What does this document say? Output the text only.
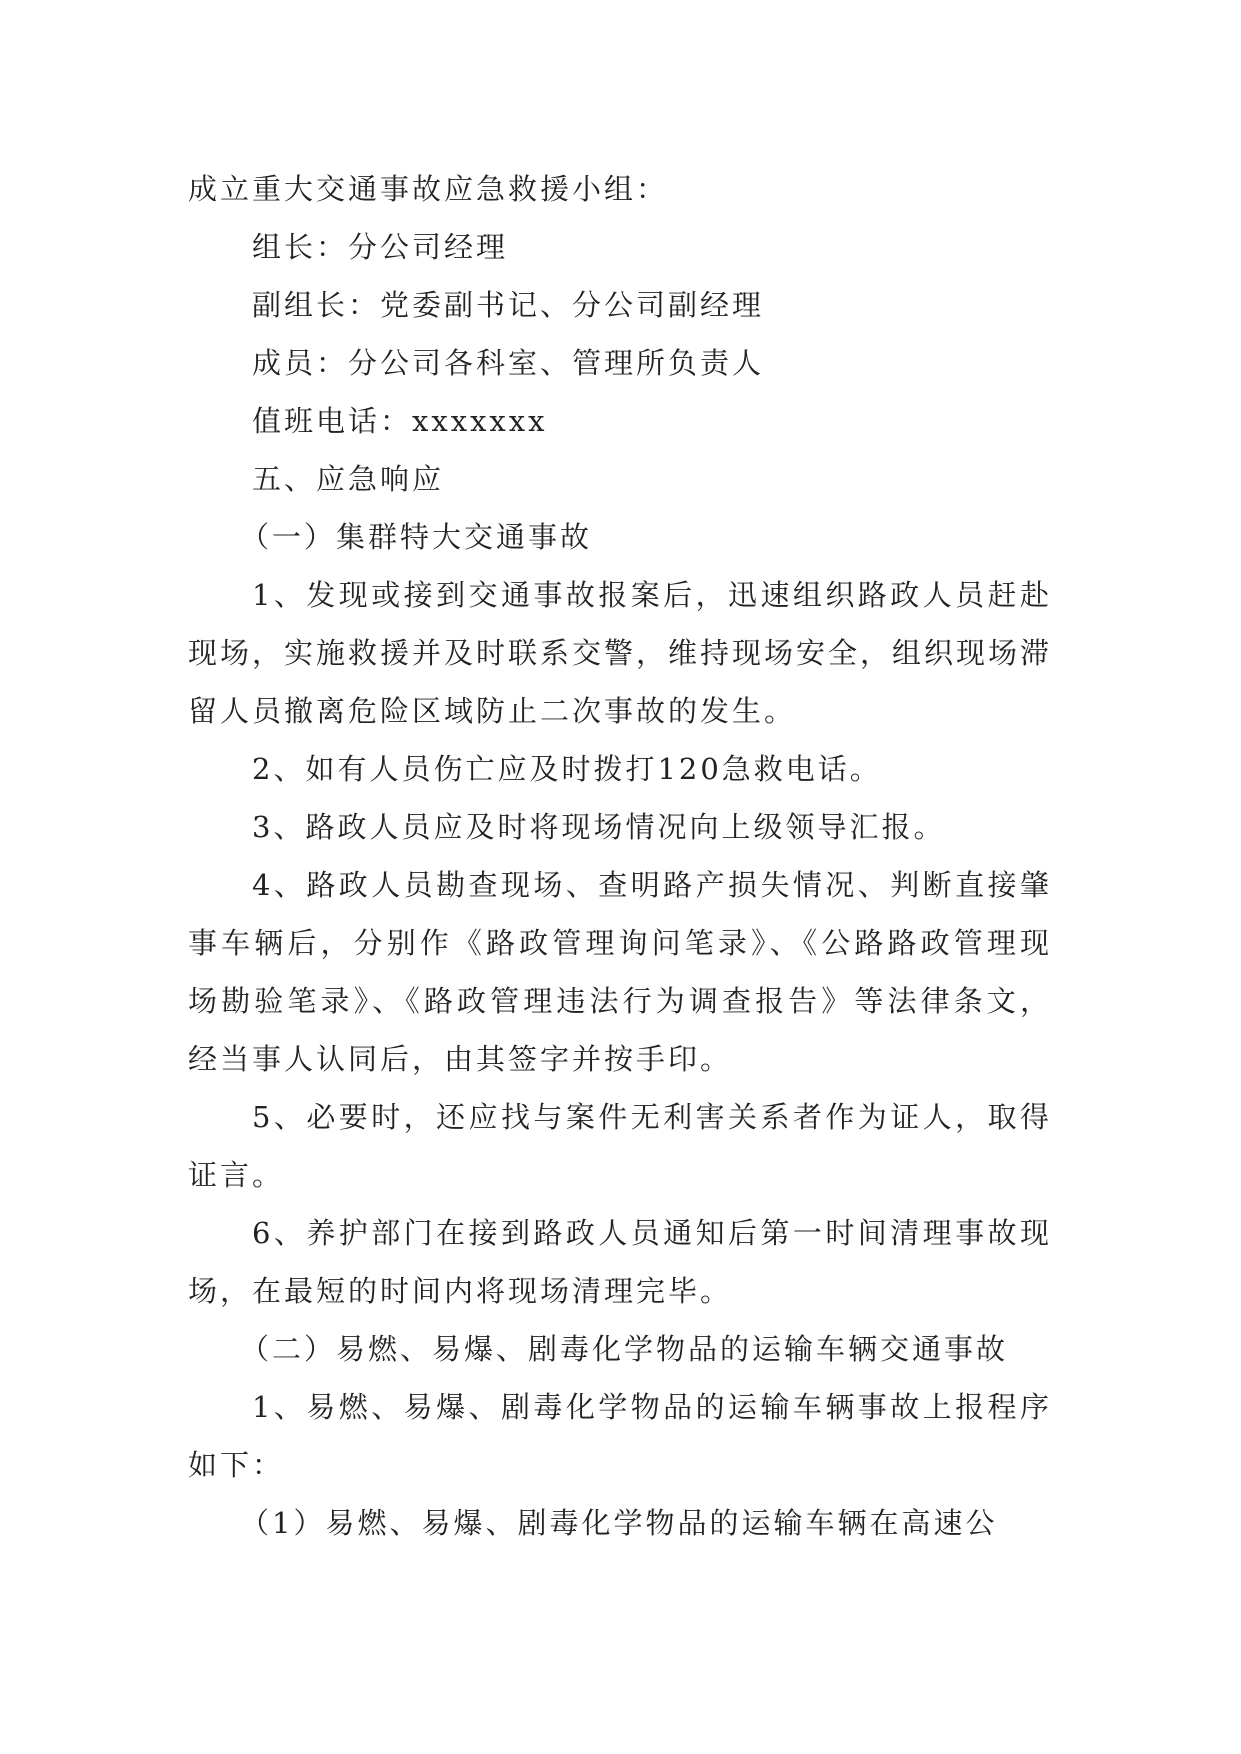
成立重大交通事故应急救援小组：

组长：分公司经理

副组长：党委副书记、分公司副经理

成员：分公司各科室、管理所负责人

值班电话：xxxxxxx

五、应急响应

（一）集群特大交通事故

1、发现或接到交通事故报案后，迅速组织路政人员赶赴现场，实施救援并及时联系交警，维持现场安全，组织现场滞留人员撤离危险区域防止二次事故的发生。

2、如有人员伤亡应及时拨打120急救电话。

3、路政人员应及时将现场情况向上级领导汇报。

4、路政人员勘查现场、查明路产损失情况、判断直接肇事车辆后，分别作《路政管理询问笔录》、《公路路政管理现场勘验笔录》、《路政管理违法行为调查报告》等法律条文，经当事人认同后，由其签字并按手印。

5、必要时，还应找与案件无利害关系者作为证人，取得证言。

6、养护部门在接到路政人员通知后第一时间清理事故现场，在最短的时间内将现场清理完毕。

（二）易燃、易爆、剧毒化学物品的运输车辆交通事故

1、易燃、易爆、剧毒化学物品的运输车辆事故上报程序如下：

（1）易燃、易爆、剧毒化学物品的运输车辆在高速公
